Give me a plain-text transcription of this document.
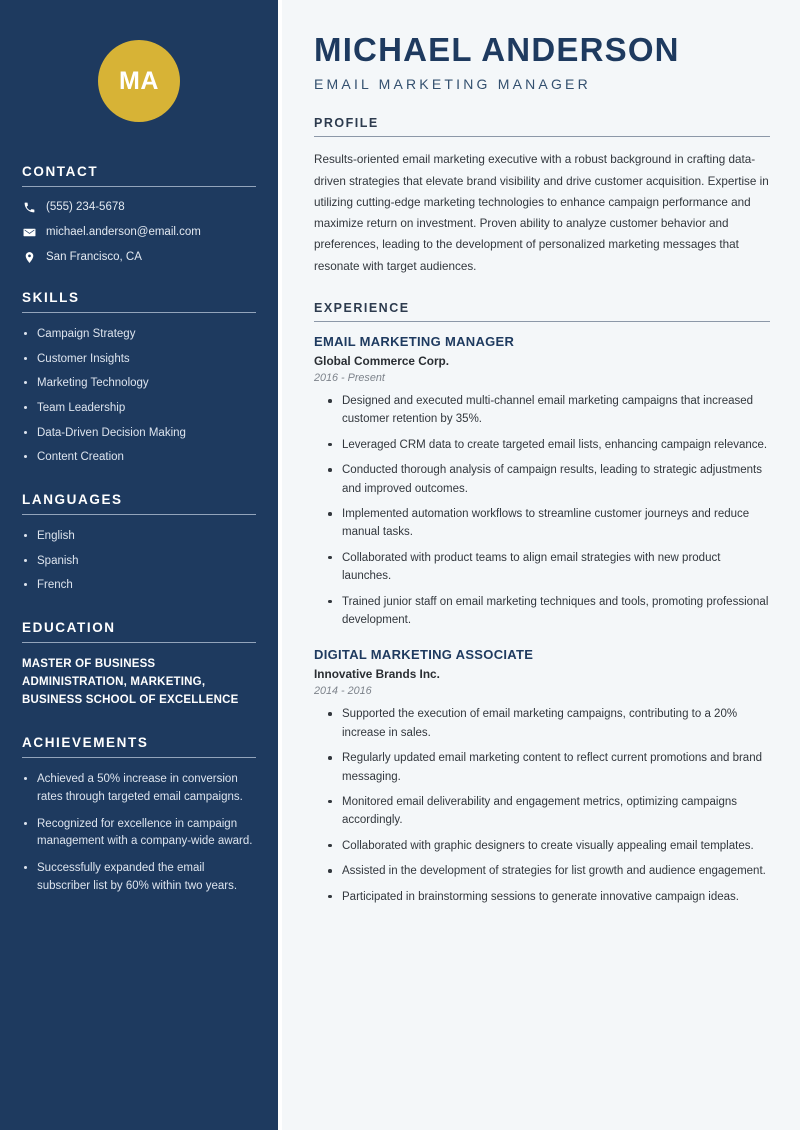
MA
CONTACT
(555) 234-5678
michael.anderson@email.com
San Francisco, CA
SKILLS
Campaign Strategy
Customer Insights
Marketing Technology
Team Leadership
Data-Driven Decision Making
Content Creation
LANGUAGES
English
Spanish
French
EDUCATION
MASTER OF BUSINESS ADMINISTRATION, MARKETING, BUSINESS SCHOOL OF EXCELLENCE
ACHIEVEMENTS
Achieved a 50% increase in conversion rates through targeted email campaigns.
Recognized for excellence in campaign management with a company-wide award.
Successfully expanded the email subscriber list by 60% within two years.
MICHAEL ANDERSON
EMAIL MARKETING MANAGER
PROFILE

Results-oriented email marketing executive with a robust background in crafting data-driven strategies that elevate brand visibility and drive customer acquisition. Expertise in utilizing cutting-edge marketing technologies to enhance campaign performance and maximize return on investment. Proven ability to analyze customer behavior and preferences, leading to the development of personalized marketing messages that resonate with target audiences.

EXPERIENCE
EMAIL MARKETING MANAGER
Global Commerce Corp.
2016 - Present
Designed and executed multi-channel email marketing campaigns that increased customer retention by 35%.
Leveraged CRM data to create targeted email lists, enhancing campaign relevance.
Conducted thorough analysis of campaign results, leading to strategic adjustments and improved outcomes.
Implemented automation workflows to streamline customer journeys and reduce manual tasks.
Collaborated with product teams to align email strategies with new product launches.
Trained junior staff on email marketing techniques and tools, promoting professional development.
DIGITAL MARKETING ASSOCIATE
Innovative Brands Inc.
2014 - 2016
Supported the execution of email marketing campaigns, contributing to a 20% increase in sales.
Regularly updated email marketing content to reflect current promotions and brand messaging.
Monitored email deliverability and engagement metrics, optimizing campaigns accordingly.
Collaborated with graphic designers to create visually appealing email templates.
Assisted in the development of strategies for list growth and audience engagement.
Participated in brainstorming sessions to generate innovative campaign ideas.
